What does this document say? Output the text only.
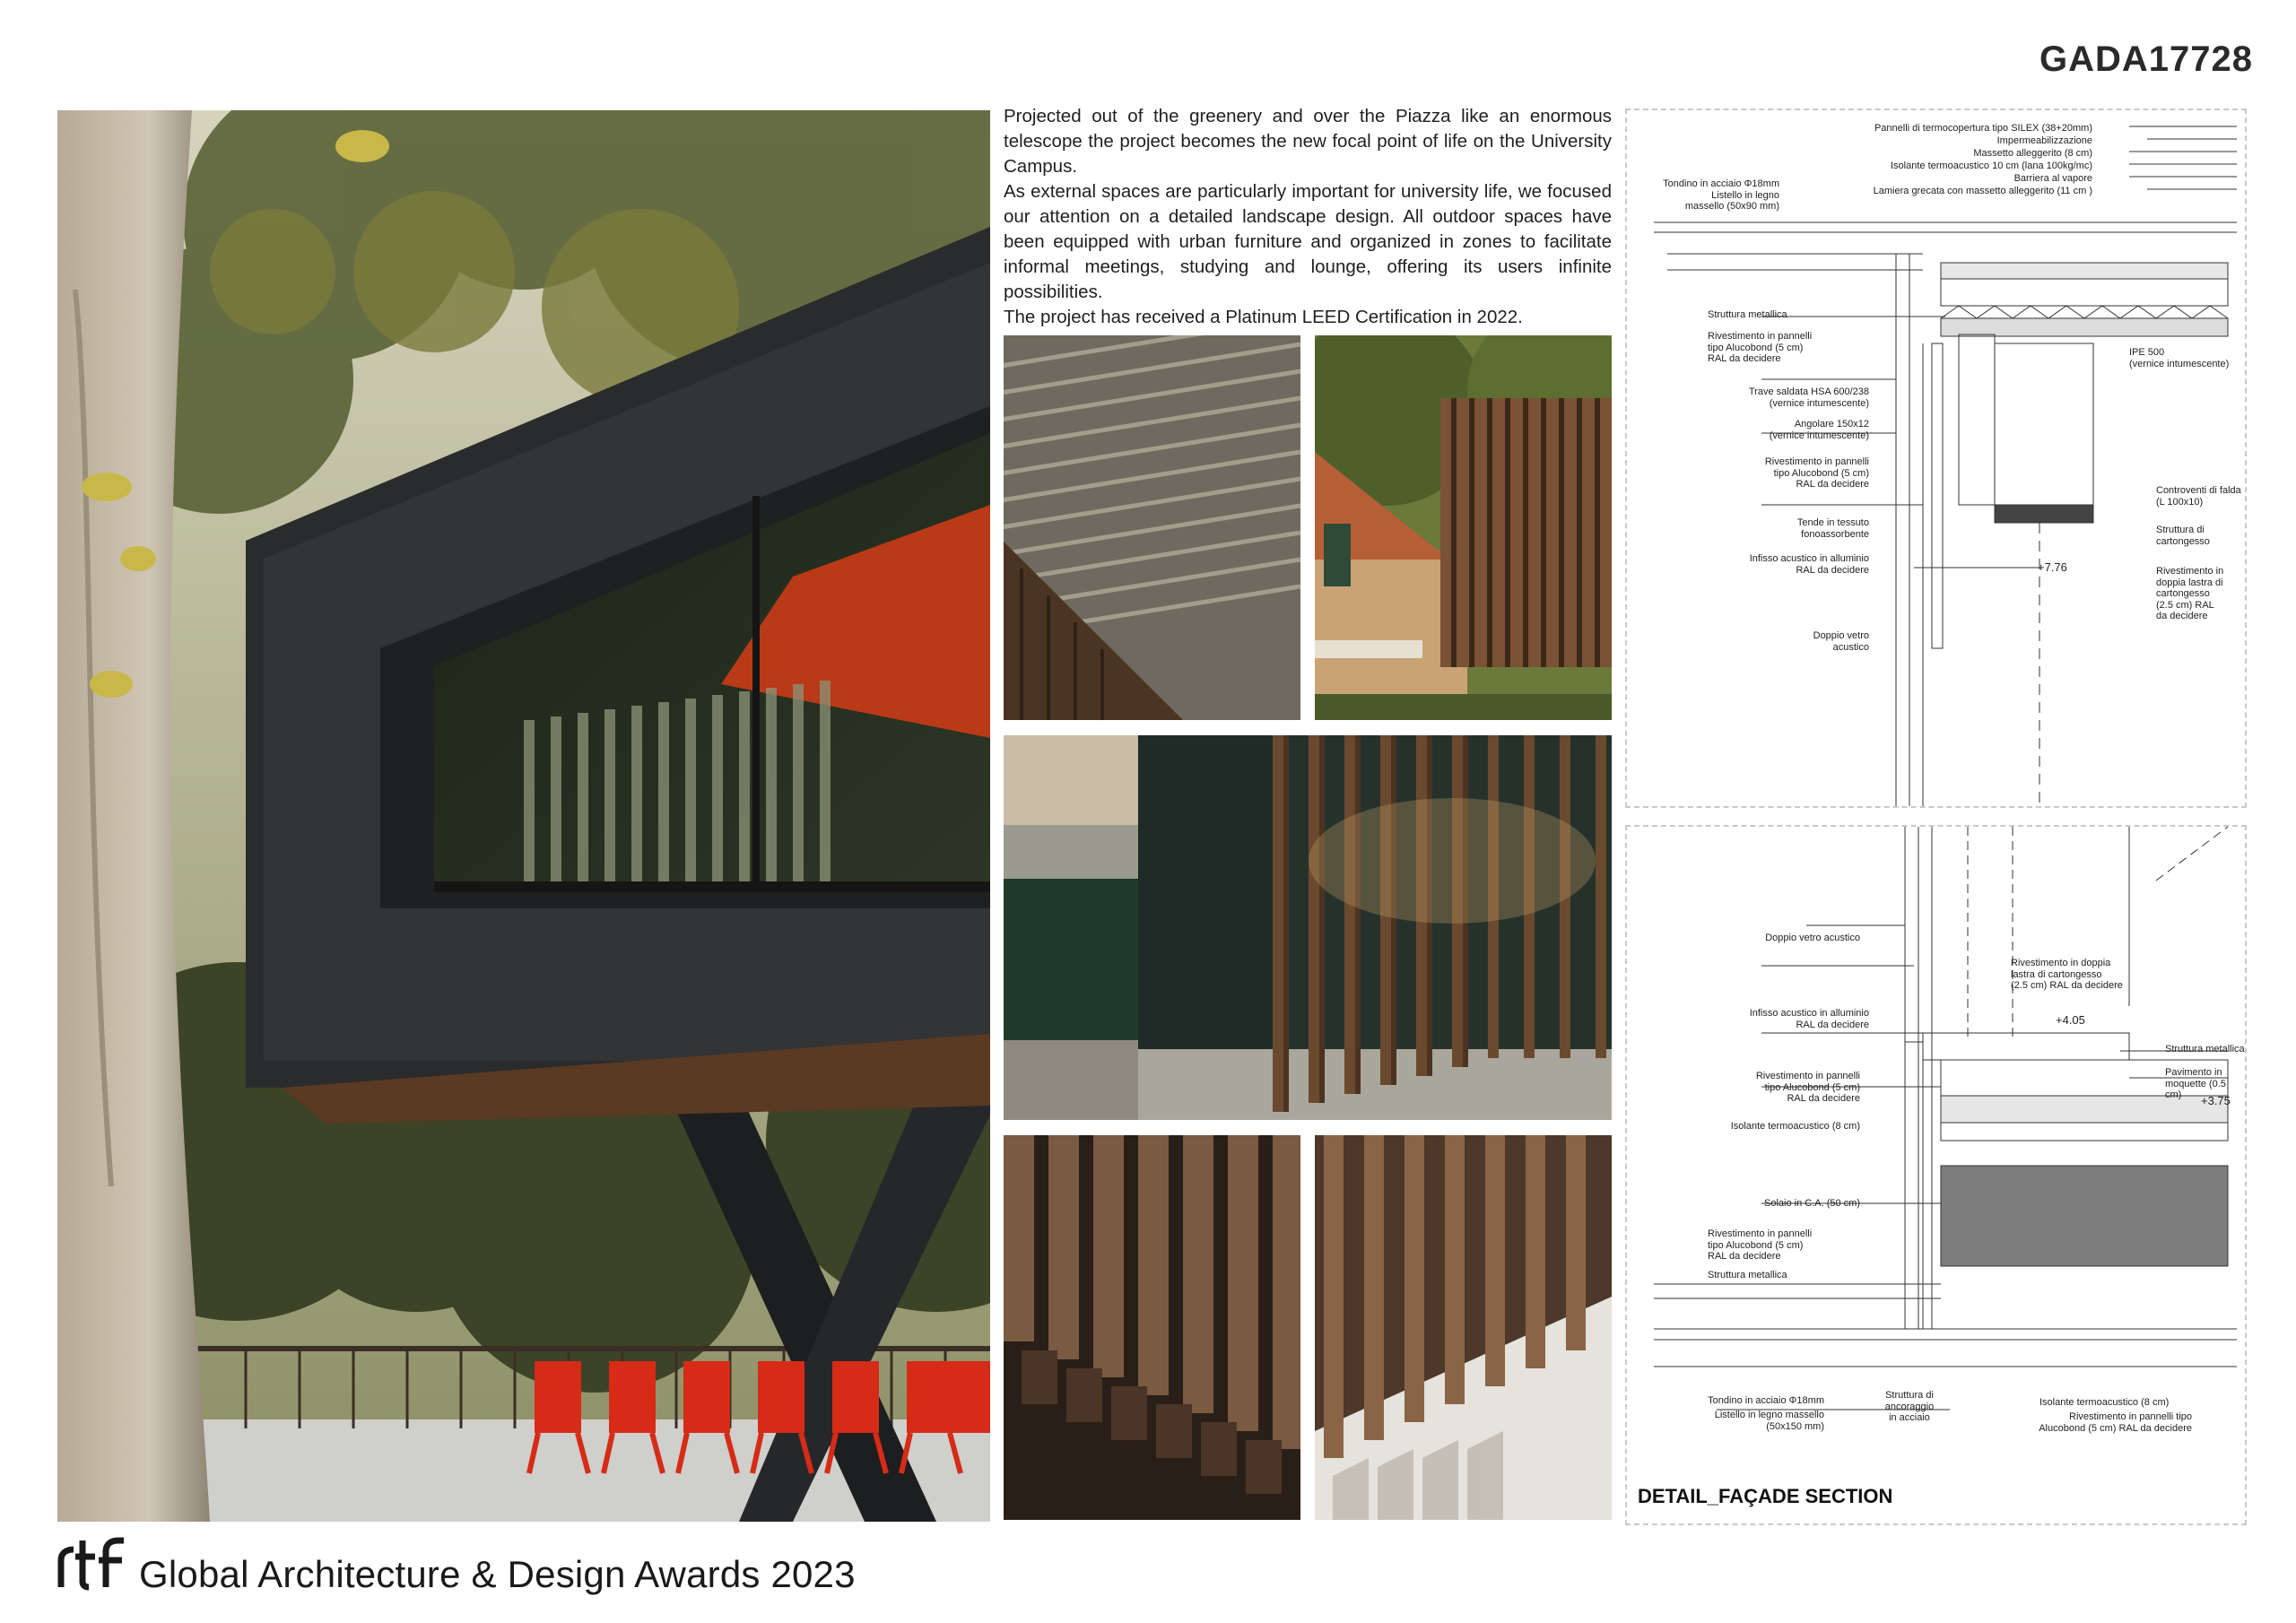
GADA17728

Projected out of the greenery and over the Piazza like an enormous telescope the project becomes the new focal point of life on the University Campus.

As external spaces are particularly important for university life, we focused our attention on a detailed landscape design. All outdoor spaces have been equipped with urban furniture and organized in zones to facilitate informal meetings, studying and lounge, offering its users infinite possibilities.

The project has received a Platinum LEED Certification in 2022.

Pannelli di termocopertura tipo SILEX (38+20mm)
Impermeabilizzazione
Massetto alleggerito (8 cm)
Isolante termoacustico 10 cm (lana 100kg/mc)
Barriera al vapore
Lamiera grecata con massetto alleggerito (11 cm )
Tondino in acciaio Φ18mm
Listello in legno
massello (50x90 mm)
Struttura metallica
Rivestimento in pannelli
tipo Alucobond (5 cm)
RAL da decidere
IPE 500
(vernice intumescente)
Trave saldata HSA 600/238
(vernice intumescente)
Angolare 150x12
(vernice intumescente)
Rivestimento in pannelli
tipo Alucobond (5 cm)
RAL da decidere
Controventi di falda
(L 100x10)
Tende in tessuto
fonoassorbente
Infisso acustico in alluminio
RAL da decidere
Struttura di
cartongesso
+7.76	Rivestimento in
doppia lastra di
cartongesso
(2.5 cm) RAL
da decidere
Doppio vetro
acustico
Doppio vetro acustico
Rivestimento in doppia
lastra di cartongesso
(2.5 cm) RAL da decidere
Infisso acustico in alluminio
RAL da decidere	+4.05
Struttura metallica
Rivestimento in pannelli
tipo Alucobond (5 cm)
RAL da decidere
Pavimento in
moquette (0.5 cm)	+3.75
Isolante termoacustico (8 cm)
Solaio in C.A. (50 cm)
Rivestimento in pannelli
tipo Alucobond (5 cm)
RAL da decidere
Struttura metallica
Tondino in acciaio Φ18mm
Listello in legno massello
(50x150 mm)
Struttura di
ancoraggio
in acciaio
Isolante termoacustico (8 cm)
Rivestimento in pannelli tipo
Alucobond (5 cm) RAL da decidere
DETAIL_FAÇADE SECTION
Global Architecture & Design Awards 2023
